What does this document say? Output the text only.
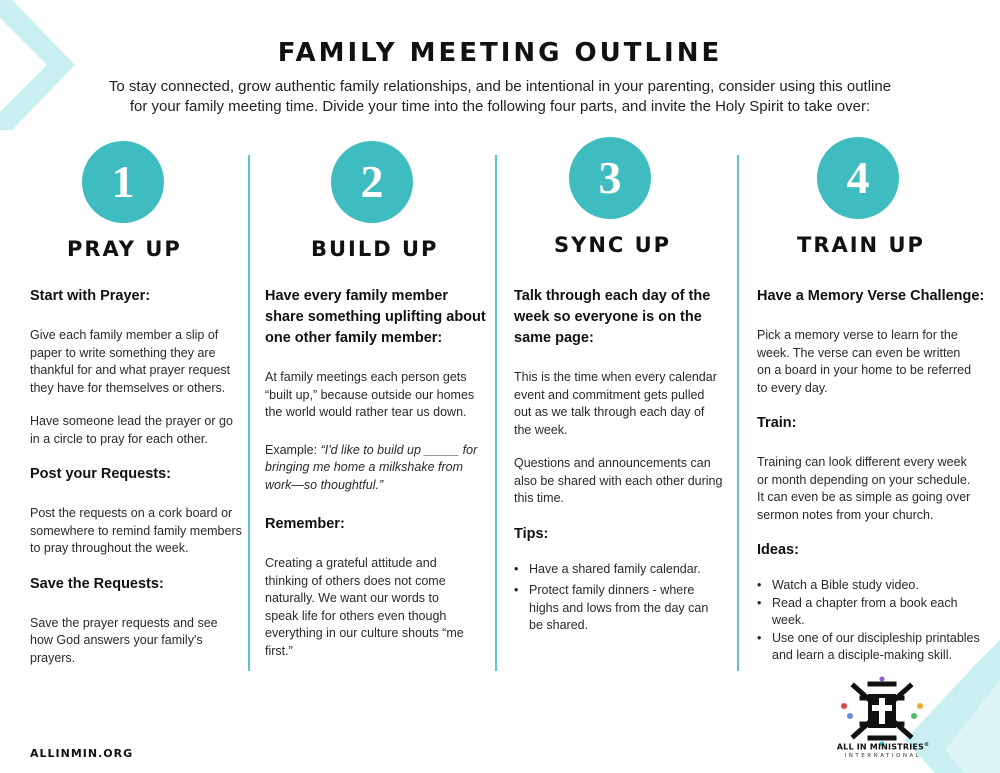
FAMILY MEETING OUTLINE
To stay connected, grow authentic family relationships, and be intentional in your parenting, consider using this outline
for your family meeting time. Divide your time into the following four parts, and invite the Holy Spirit to take over:
1
PRAY UP
Start with Prayer:
Give each family member a slip of paper to write something they are thankful for and what prayer request they have for themselves or others.
Have someone lead the prayer or go in a circle to pray for each other.
Post your Requests:
Post the requests on a cork board or somewhere to remind family members to pray throughout the week.
Save the Requests:
Save the prayer requests and see how God answers your family's prayers.
2
BUILD UP
Have every family member share something uplifting about one other family member:
At family meetings each person gets “built up,” because outside our homes the world would rather tear us down.
Example: “I'd like to build up _____ for bringing me home a milkshake from work—so thoughtful.”
Remember:
Creating a grateful attitude and thinking of others does not come naturally. We want our words to speak life for others even though everything in our culture shouts “me first.”
3
SYNC UP
Talk through each day of the week so everyone is on the same page:
This is the time when every calendar event and commitment gets pulled out as we talk through each day of the week.
Questions and announcements can also be shared with each other during this time.
Tips:
• Have a shared family calendar.
• Protect family dinners - where highs and lows from the day can be shared.
4
TRAIN UP
Have a Memory Verse Challenge:
Pick a memory verse to learn for the week. The verse can even be written on a board in your home to be referred to every day.
Train:
Training can look different every week or month depending on your schedule. It can even be as simple as going over sermon notes from your church.
Ideas:
• Watch a Bible study video.
• Read a chapter from a book each week.
• Use one of our discipleship printables and learn a disciple-making skill.
ALLINMIN.ORG	ALL IN MINISTRIES®
INTERNATIONAL
